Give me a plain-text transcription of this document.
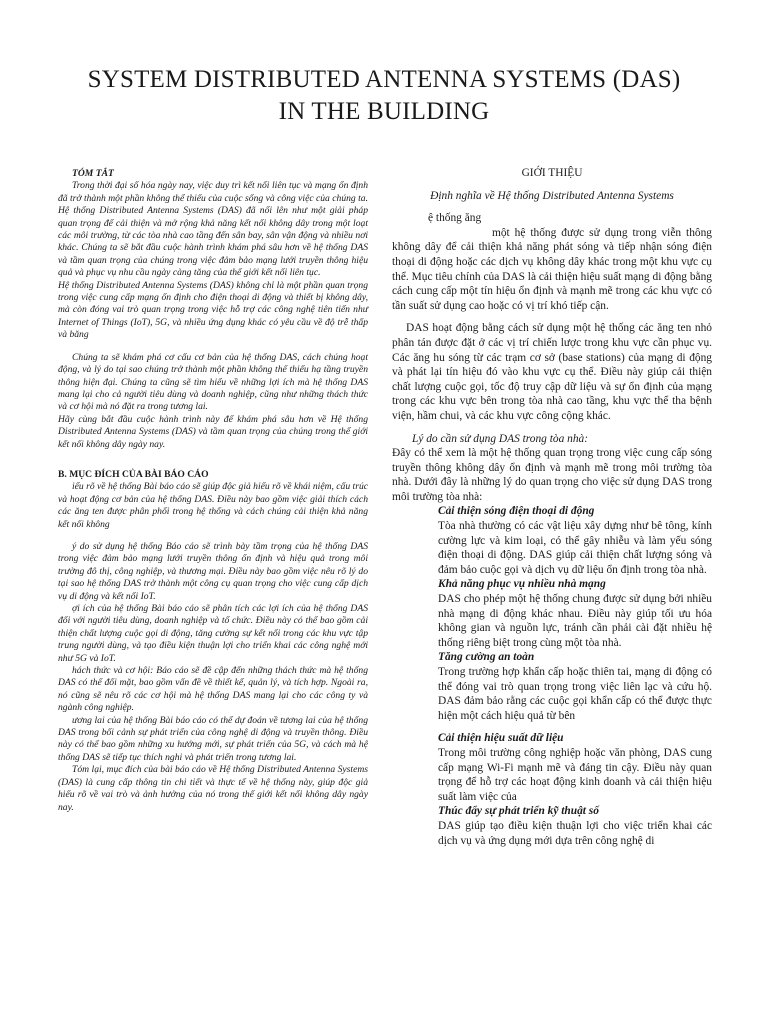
SYSTEM DISTRIBUTED ANTENNA SYSTEMS (DAS)
IN THE BUILDING

TÓM TẮT

Trong thời đại số hóa ngày nay, việc duy trì kết nối liên tục và mạng ổn định đã trở thành một phần không thể thiếu của cuộc sống và công việc của chúng ta. Hệ thống Distributed Antenna Systems (DAS) đã nổi lên như một giải pháp quan trọng để cải thiện và mở rộng khả năng kết nối không dây trong một loạt các môi trường, từ các tòa nhà cao tầng đến sân bay, sân vận động và nhiều nơi khác. Chúng ta sẽ bắt đầu cuộc hành trình khám phá sâu hơn về hệ thống DAS và tầm quan trọng của chúng trong việc đảm bảo mạng lưới truyền thông hiệu quả và phục vụ nhu cầu ngày càng tăng của thế giới kết nối liên tục.

Hệ thống Distributed Antenna Systems (DAS) không chỉ là một phần quan trọng trong việc cung cấp mạng ổn định cho điện thoại di động và thiết bị không dây, mà còn đóng vai trò quan trọng trong việc hỗ trợ các công nghệ tiên tiến như Internet of Things (IoT), 5G, và nhiều ứng dụng khác có yêu cầu về độ trễ thấp và băng

Chúng ta sẽ khám phá cơ cấu cơ bản của hệ thống DAS, cách chúng hoạt động, và lý do tại sao chúng trở thành một phần không thể thiếu hạ tầng truyền thông hiện đại. Chúng ta cũng sẽ tìm hiểu về những lợi ích mà hệ thống DAS mang lại cho cả người tiêu dùng và doanh nghiệp, cũng như những thách thức và cơ hội mà nó đặt ra trong tương lai.

Hãy cùng bắt đầu cuộc hành trình này để khám phá sâu hơn về Hệ thống Distributed Antenna Systems (DAS) và tầm quan trọng của chúng trong thế giới kết nối không dây ngày nay.

B. MỤC ĐÍCH CỦA BÀI BÁO CÁO

iểu rõ về hệ thống Bài báo cáo sẽ giúp độc giả hiểu rõ về khái niệm, cấu trúc và hoạt động cơ bản của hệ thống DAS. Điều này bao gồm việc giải thích cách các ăng ten được phân phối trong hệ thống và cách chúng cải thiện khả năng kết nối không

ý do sử dụng hệ thống Báo cáo sẽ trình bày tầm trọng của hệ thống DAS trong việc đảm bảo mạng lưới truyền thông ổn định và hiệu quả trong môi trường đô thị, công nghiệp, và thương mại. Điều này bao gồm việc nêu rõ lý do tại sao hệ thống DAS trở thành một công cụ quan trọng cho việc cung cấp dịch vụ di động và kết nối IoT.

ợi ích của hệ thống Bài báo cáo sẽ phân tích các lợi ích của hệ thống DAS đối với người tiêu dùng, doanh nghiệp và tổ chức. Điều này có thể bao gồm cải thiện chất lượng cuộc gọi di động, tăng cường sự kết nối trong các khu vực tập trung người dùng, và tạo điều kiện thuận lợi cho triển khai các công nghệ mới như 5G và IoT.

hách thức và cơ hội: Báo cáo sẽ đề cập đến những thách thức mà hệ thống DAS có thể đối mặt, bao gồm vấn đề về thiết kế, quản lý, và tích hợp. Ngoài ra, nó cũng sẽ nêu rõ các cơ hội mà hệ thống DAS mang lại cho các công ty và ngành công nghiệp.

ương lai của hệ thống Bài báo cáo có thể dự đoán về tương lai của hệ thống DAS trong bối cảnh sự phát triển của công nghệ di động và truyền thông. Điều này có thể bao gồm những xu hướng mới, sự phát triển của 5G, và cách mà hệ thống DAS sẽ tiếp tục thích nghi và phát triển trong tương lai.

Tóm lại, mục đích của bài báo cáo về Hệ thống Distributed Antenna Systems (DAS) là cung cấp thông tin chi tiết và thực tế về hệ thống này, giúp độc giả hiểu rõ về vai trò và ảnh hưởng của nó trong thế giới kết nối không dây ngày nay.

GIỚI THIỆU

Định nghĩa về Hệ thống Distributed Antenna Systems

ệ thống ăng

một hệ thống được sử dụng trong viễn thông không dây để cải thiện khả năng phát sóng và tiếp nhận sóng điện thoại di động hoặc các dịch vụ không dây khác trong một khu vực cụ thể. Mục tiêu chính của DAS là cải thiện hiệu suất mạng di động bằng cách cung cấp một tín hiệu ổn định và mạnh mẽ trong các khu vực có tần suất sử dụng cao hoặc có vị trí khó tiếp cận.

DAS hoạt động bằng cách sử dụng một hệ thống các ăng ten nhỏ phân tán được đặt ở các vị trí chiến lược trong khu vực cần phục vụ. Các ăng hu sóng từ các trạm cơ sở (base stations) của mạng di động và phát lại tín hiệu đó vào khu vực cụ thể. Điều này giúp cải thiện chất lượng cuộc gọi, tốc độ truy cập dữ liệu và sự ổn định của mạng trong các khu vực bên trong tòa nhà cao tầng, khu vực thể tha bệnh viện, hầm chui, và các khu vực công cộng khác.

Lý do cần sử dụng DAS trong tòa nhà:

Đây có thể xem là một hệ thống quan trọng trong việc cung cấp sóng truyền thông không dây ổn định và mạnh mẽ trong môi trường tòa nhà. Dưới đây là những lý do quan trọng cho việc sử dụng DAS trong môi trường tòa nhà:

Cải thiện sóng điện thoại di động

Tòa nhà thường có các vật liệu xây dựng như bê tông, kính cường lực và kim loại, có thể gây nhiễu và làm yếu sóng điện thoại di động. DAS giúp cải thiện chất lượng sóng và đảm bảo cuộc gọi và dịch vụ dữ liệu ổn định trong tòa nhà.

Khả năng phục vụ nhiều nhà mạng

DAS cho phép một hệ thống chung được sử dụng bởi nhiều nhà mạng di động khác nhau. Điều này giúp tối ưu hóa không gian và nguồn lực, tránh cần phải cài đặt nhiều hệ thống riêng biệt trong cùng một tòa nhà.

Tăng cường an toàn

Trong trường hợp khẩn cấp hoặc thiên tai, mạng di động có thể đóng vai trò quan trọng trong việc liên lạc và cứu hộ. DAS đảm bảo rằng các cuộc gọi khẩn cấp có thể được thực hiện một cách hiệu quả từ bên

Cải thiện hiệu suất dữ liệu

Trong môi trường công nghiệp hoặc văn phòng, DAS cung cấp mạng Wi-Fi mạnh mẽ và đáng tin cậy. Điều này quan trọng để hỗ trợ các hoạt động kinh doanh và cải thiện hiệu suất làm việc của

Thúc đẩy sự phát triển kỹ thuật số

DAS giúp tạo điều kiện thuận lợi cho việc triển khai các dịch vụ và ứng dụng mới dựa trên công nghệ di
